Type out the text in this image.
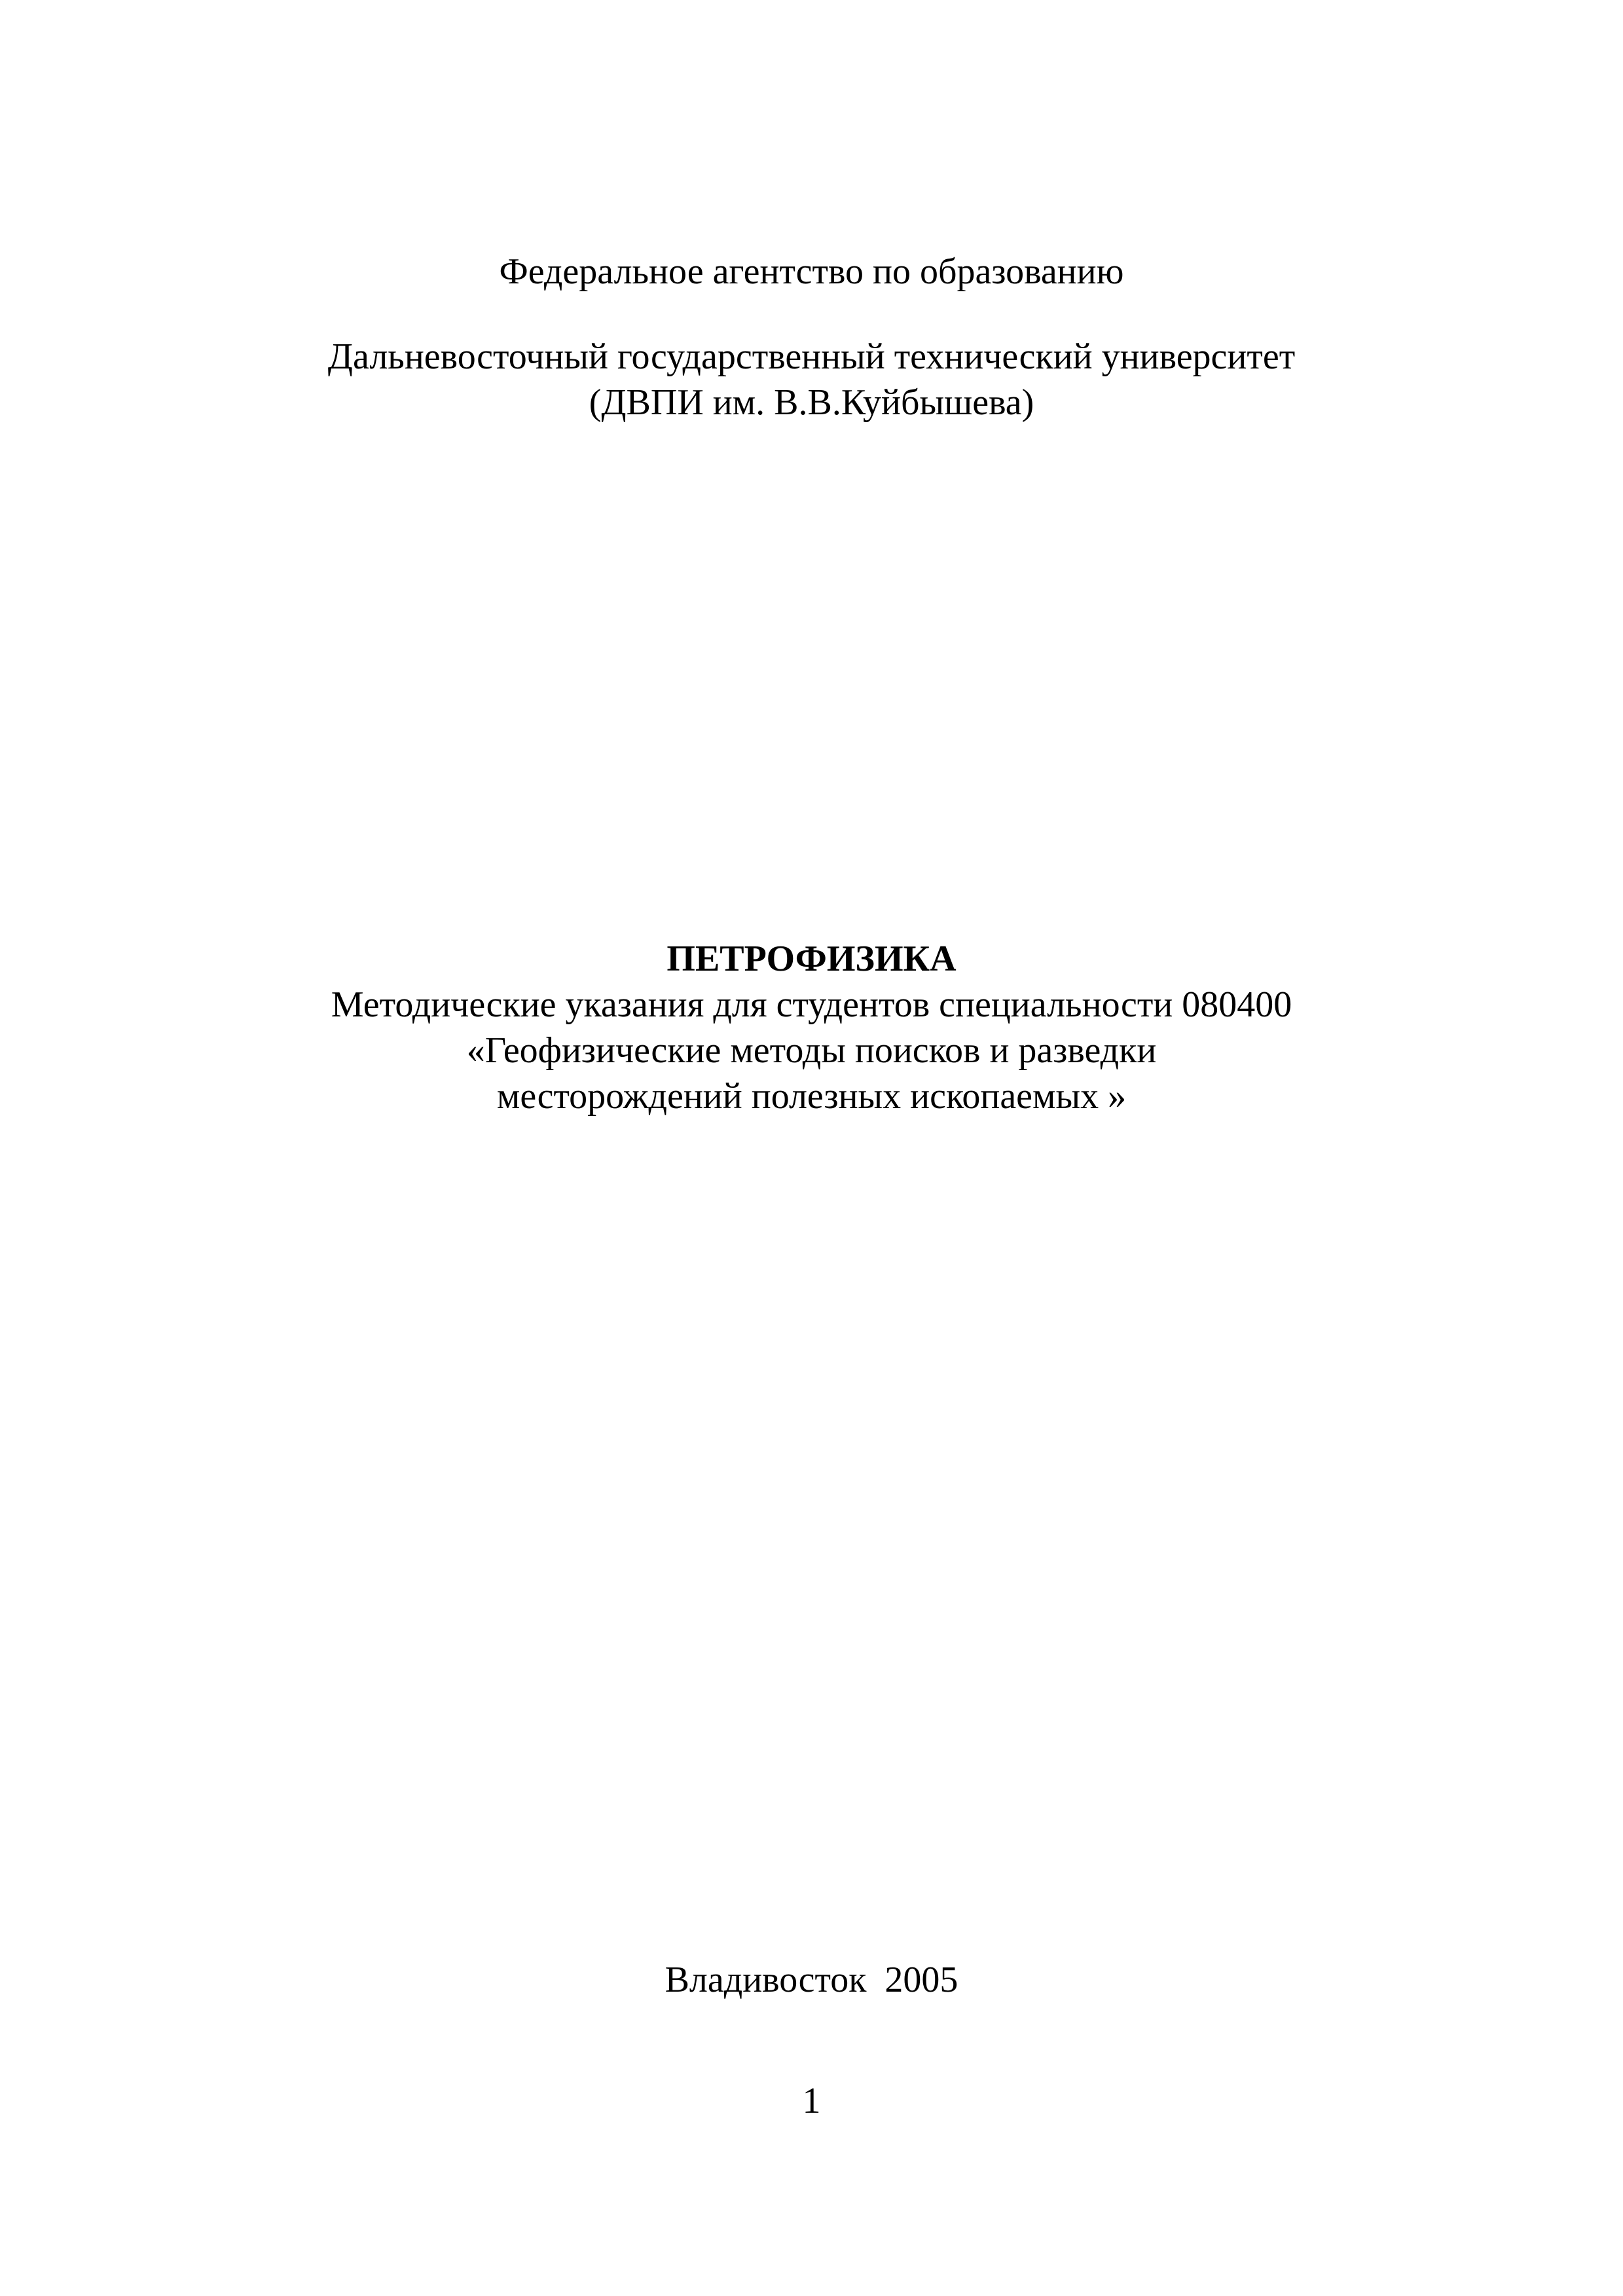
Федеральное агентство по образованию
Дальневосточный государственный технический университет
(ДВПИ им. В.В.Куйбышева)
ПЕТРОФИЗИКА
Методические указания для студентов специальности 080400
«Геофизические методы поисков и разведки
месторождений полезных ископаемых »
Владивосток  2005
1
